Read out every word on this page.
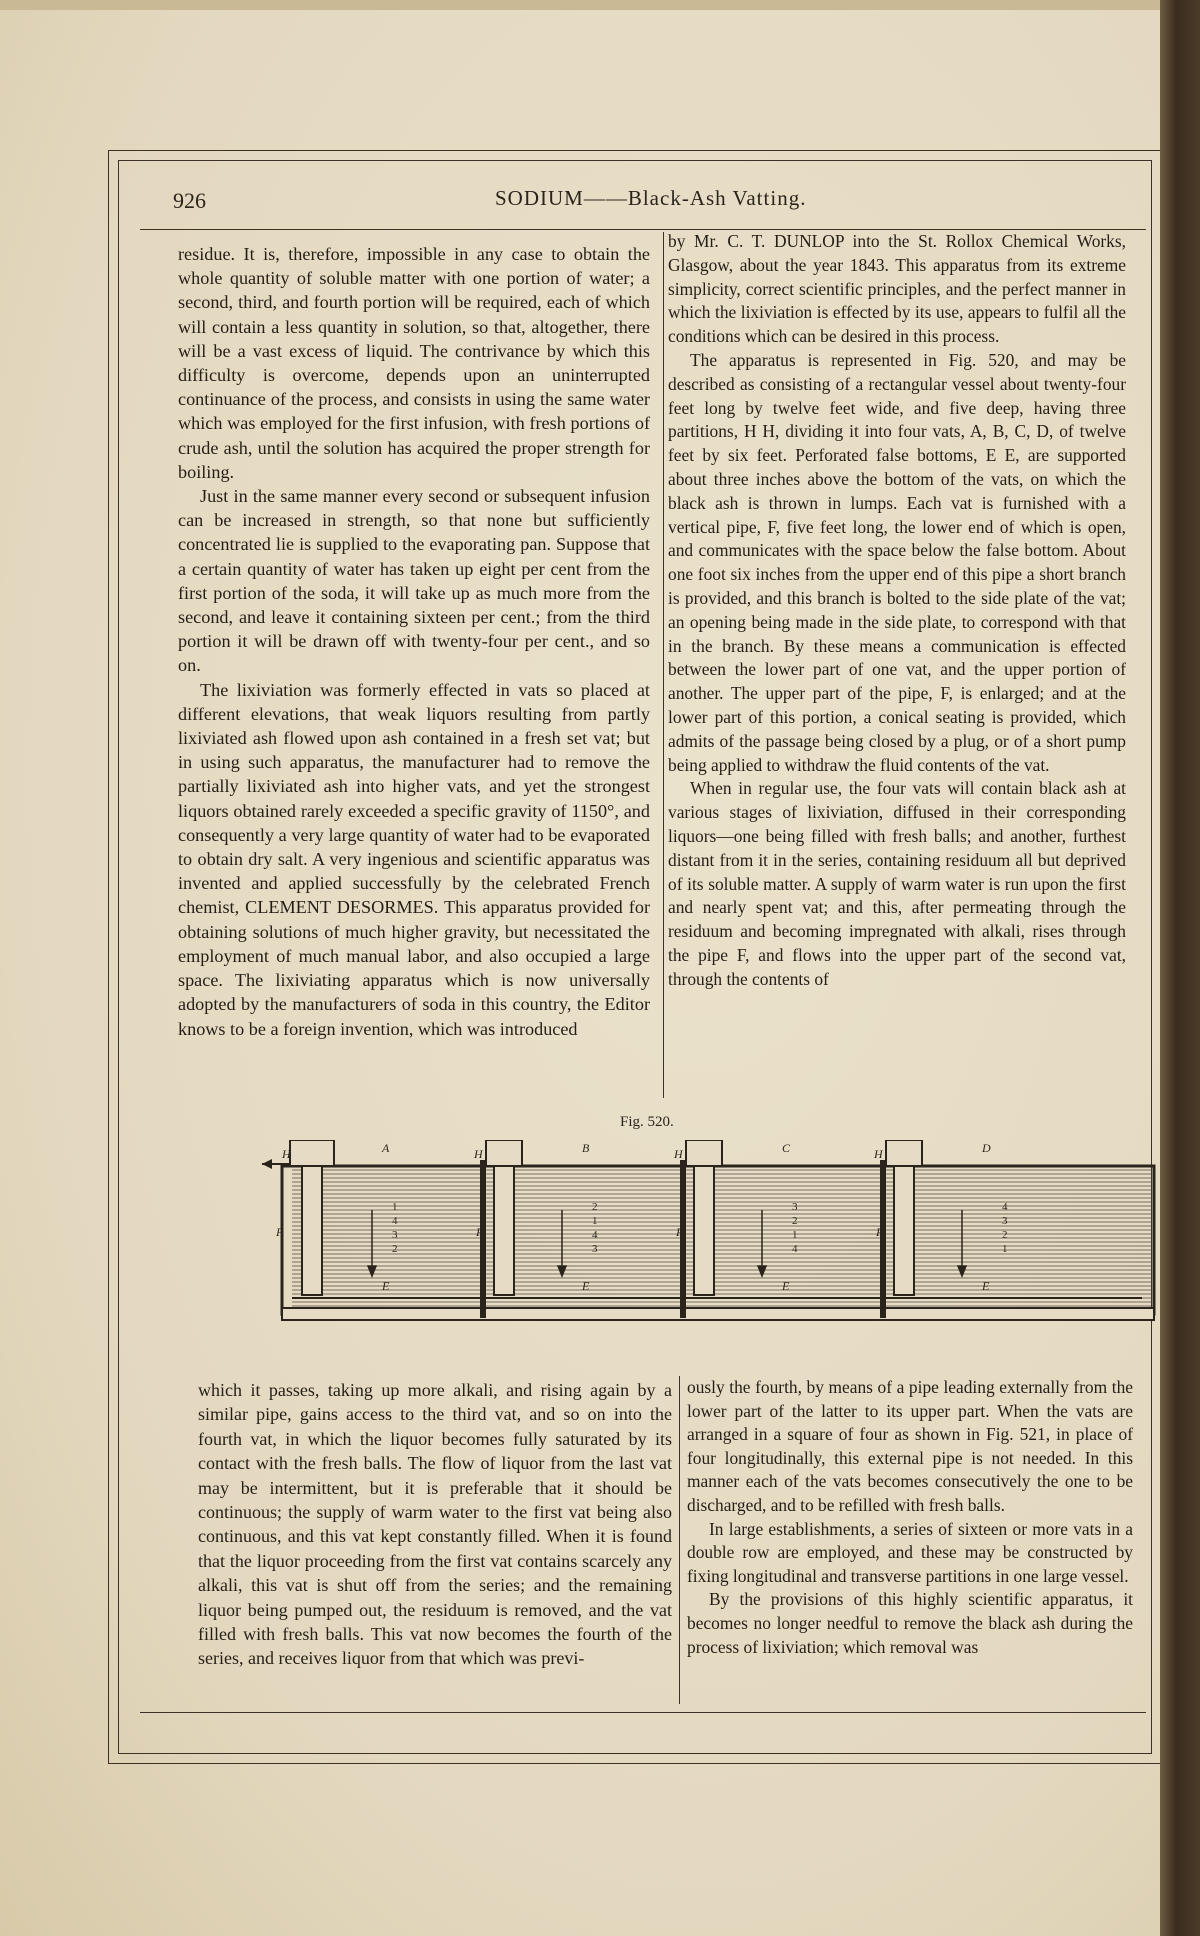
926	SODIUM——Black-Ash Vatting.

residue. It is, therefore, impossible in any case to obtain the whole quantity of soluble matter with one portion of water; a second, third, and fourth portion will be required, each of which will contain a less quantity in solution, so that, altogether, there will be a vast excess of liquid. The contrivance by which this difficulty is overcome, depends upon an uninterrupted continuance of the process, and consists in using the same water which was employed for the first infusion, with fresh portions of crude ash, until the solution has acquired the proper strength for boiling.

Just in the same manner every second or subsequent infusion can be increased in strength, so that none but sufficiently concentrated lie is supplied to the evaporating pan. Suppose that a certain quantity of water has taken up eight per cent from the first portion of the soda, it will take up as much more from the second, and leave it containing sixteen per cent.; from the third portion it will be drawn off with twenty-four per cent., and so on.

The lixiviation was formerly effected in vats so placed at different elevations, that weak liquors resulting from partly lixiviated ash flowed upon ash contained in a fresh set vat; but in using such apparatus, the manufacturer had to remove the partially lixiviated ash into higher vats, and yet the strongest liquors obtained rarely exceeded a specific gravity of 1150°, and consequently a very large quantity of water had to be evaporated to obtain dry salt. A very ingenious and scientific apparatus was invented and applied successfully by the celebrated French chemist, CLEMENT DESORMES. This apparatus provided for obtaining solutions of much higher gravity, but necessitated the employment of much manual labor, and also occupied a large space. The lixiviating apparatus which is now universally adopted by the manufacturers of soda in this country, the Editor knows to be a foreign invention, which was introduced

by Mr. C. T. DUNLOP into the St. Rollox Chemical Works, Glasgow, about the year 1843. This apparatus from its extreme simplicity, correct scientific principles, and the perfect manner in which the lixiviation is effected by its use, appears to fulfil all the conditions which can be desired in this process.

The apparatus is represented in Fig. 520, and may be described as consisting of a rectangular vessel about twenty-four feet long by twelve feet wide, and five deep, having three partitions, H H, dividing it into four vats, A, B, C, D, of twelve feet by six feet. Perforated false bottoms, E E, are supported about three inches above the bottom of the vats, on which the black ash is thrown in lumps. Each vat is furnished with a vertical pipe, F, five feet long, the lower end of which is open, and communicates with the space below the false bottom. About one foot six inches from the upper end of this pipe a short branch is provided, and this branch is bolted to the side plate of the vat; an opening being made in the side plate, to correspond with that in the branch. By these means a communication is effected between the lower part of one vat, and the upper portion of another. The upper part of the pipe, F, is enlarged; and at the lower part of this portion, a conical seating is provided, which admits of the passage being closed by a plug, or of a short pump being applied to withdraw the fluid contents of the vat.

When in regular use, the four vats will contain black ash at various stages of lixiviation, diffused in their corresponding liquors—one being filled with fresh balls; and another, furthest distant from it in the series, containing residuum all but deprived of its soluble matter. A supply of warm water is run upon the first and nearly spent vat; and this, after permeating through the residuum and becoming impregnated with alkali, rises through the pipe F, and flows into the upper part of the second vat, through the contents of

Fig. 520.
A	B	C	D
F	F	F	F
E	E	E	E
H	H	H	H
1
4
3
2
2
1
4
3
3
2
1
4
4
3
2
1

which it passes, taking up more alkali, and rising again by a similar pipe, gains access to the third vat, and so on into the fourth vat, in which the liquor becomes fully saturated by its contact with the fresh balls. The flow of liquor from the last vat may be intermittent, but it is preferable that it should be continuous; the supply of warm water to the first vat being also continuous, and this vat kept constantly filled. When it is found that the liquor proceeding from the first vat contains scarcely any alkali, this vat is shut off from the series; and the remaining liquor being pumped out, the residuum is removed, and the vat filled with fresh balls. This vat now becomes the fourth of the series, and receives liquor from that which was previ-

ously the fourth, by means of a pipe leading externally from the lower part of the latter to its upper part. When the vats are arranged in a square of four as shown in Fig. 521, in place of four longitudinally, this external pipe is not needed. In this manner each of the vats becomes consecutively the one to be discharged, and to be refilled with fresh balls.

In large establishments, a series of sixteen or more vats in a double row are employed, and these may be constructed by fixing longitudinal and transverse partitions in one large vessel.

By the provisions of this highly scientific apparatus, it becomes no longer needful to remove the black ash during the process of lixiviation; which removal was
